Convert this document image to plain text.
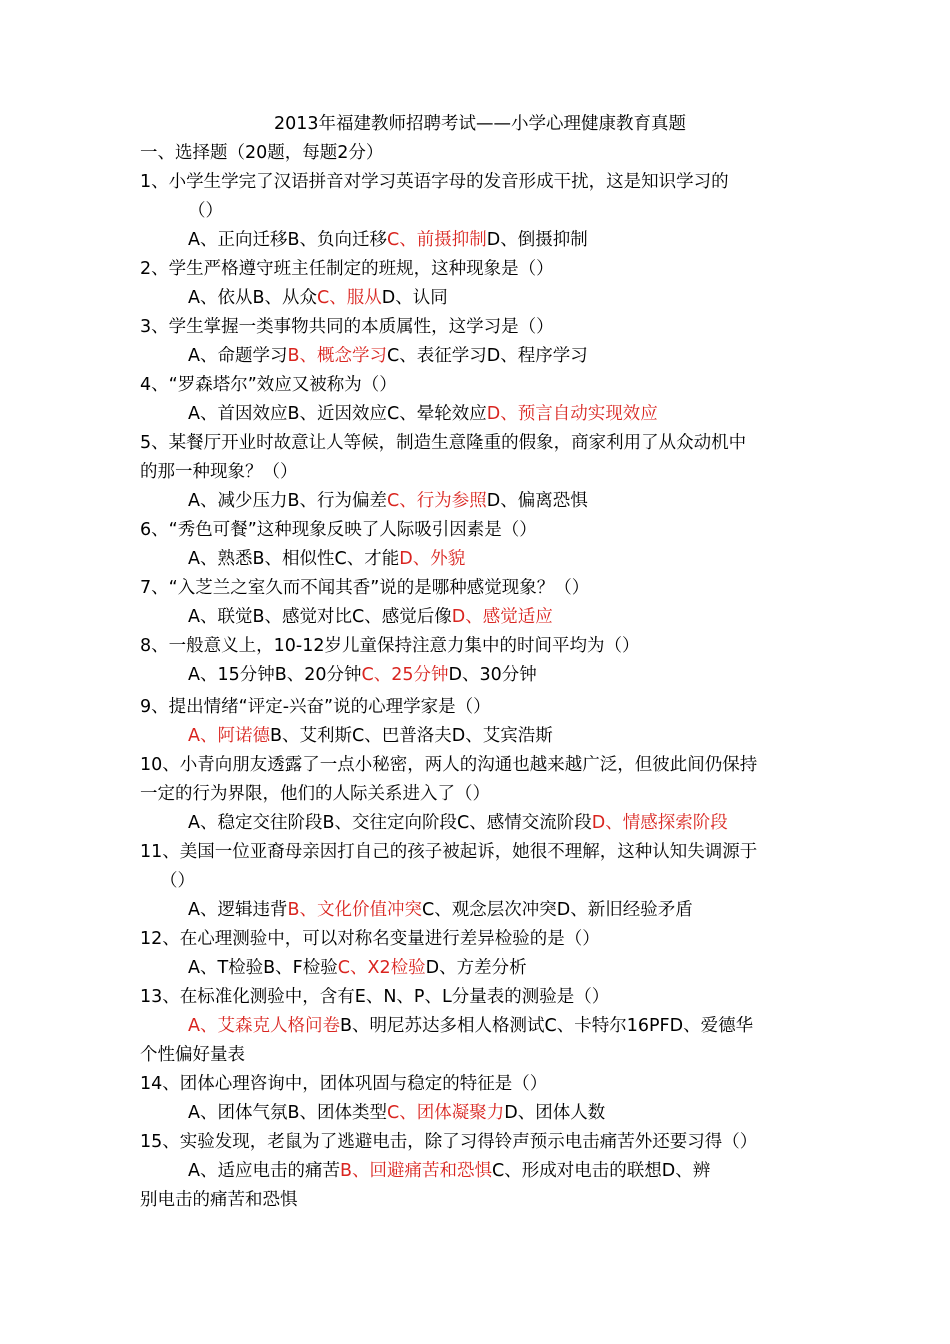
2013年福建教师招聘考试——小学心理健康教育真题
一、选择题（20题，每题2分）
1、小学生学完了汉语拼音对学习英语字母的发音形成干扰，这是知识学习的
（）
A、正向迁移B、负向迁移C、前摄抑制D、倒摄抑制
2、学生严格遵守班主任制定的班规，这种现象是（）
A、依从B、从众C、服从D、认同
3、学生掌握一类事物共同的本质属性，这学习是（）
A、命题学习B、概念学习C、表征学习D、程序学习
4、“罗森塔尔”效应又被称为（）
A、首因效应B、近因效应C、晕轮效应D、预言自动实现效应
5、某餐厅开业时故意让人等候，制造生意隆重的假象，商家利用了从众动机中
的那一种现象？（）
A、减少压力B、行为偏差C、行为参照D、偏离恐惧
6、“秀色可餐”这种现象反映了人际吸引因素是（）
A、熟悉B、相似性C、才能D、外貌
7、“入芝兰之室久而不闻其香”说的是哪种感觉现象？（）
A、联觉B、感觉对比C、感觉后像D、感觉适应
8、一般意义上，10-12岁儿童保持注意力集中的时间平均为（）
A、15分钟B、20分钟C、25分钟D、30分钟
9、提出情绪“评定-兴奋”说的心理学家是（）
A、阿诺德B、艾利斯C、巴普洛夫D、艾宾浩斯
10、小青向朋友透露了一点小秘密，两人的沟通也越来越广泛，但彼此间仍保持
一定的行为界限，他们的人际关系进入了（）
A、稳定交往阶段B、交往定向阶段C、感情交流阶段D、情感探索阶段
11、美国一位亚裔母亲因打自己的孩子被起诉，她很不理解，这种认知失调源于
（）
A、逻辑违背B、文化价值冲突C、观念层次冲突D、新旧经验矛盾
12、在心理测验中，可以对称名变量进行差异检验的是（）
A、T检验B、F检验C、X2检验D、方差分析
13、在标准化测验中，含有E、N、P、L分量表的测验是（）
A、艾森克人格问卷B、明尼苏达多相人格测试C、卡特尔16PFD、爱德华
个性偏好量表
14、团体心理咨询中，团体巩固与稳定的特征是（）
A、团体气氛B、团体类型C、团体凝聚力D、团体人数
15、实验发现，老鼠为了逃避电击，除了习得铃声预示电击痛苦外还要习得（）
A、适应电击的痛苦B、回避痛苦和恐惧C、形成对电击的联想D、辨
别电击的痛苦和恐惧
